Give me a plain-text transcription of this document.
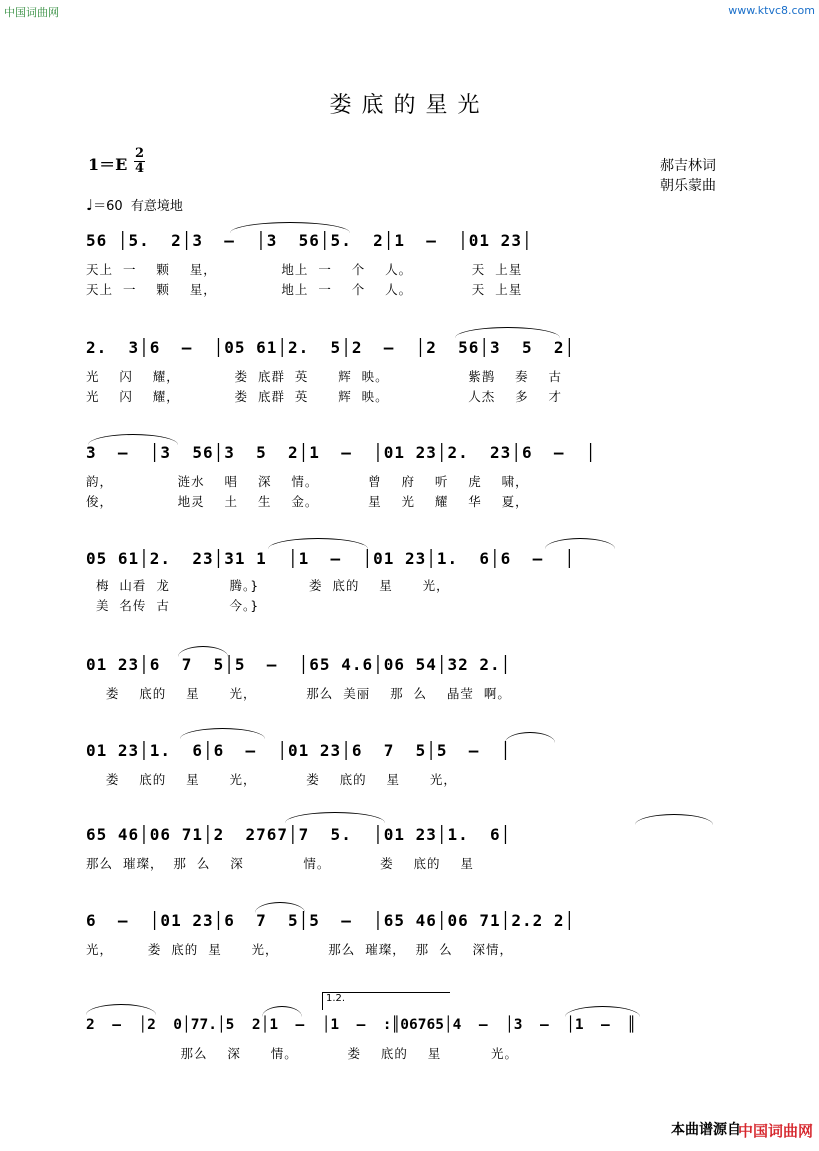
中国词曲网	www.ktvc8.com
娄底的星光
1＝E
2
4	郝吉林词
朝乐蒙曲
♩＝60 有意境地
56 │5.  2│3  –  │3  56│5.  2│1  –  │01 23│
天上  一    颗    星，             地上  一    个    人。            天  上星
天上  一    颗    星，             地上  一    个    人。            天  上星
2.  3│6  –  │05 61│2.  5│2  –  │2  56│3  5  2│
光    闪    耀，           娄  底群  英      辉  映。                紫鹊    奏    古
光    闪    耀，           娄  底群  英      辉  映。                人杰    多    才
3  –  │3  56│3  5  2│1  –  │01 23│2.  23│6  –  │
韵，             涟水    唱    深    情。          曾    府    听    虎    啸，
俊，             地灵    土    生    金。          星    光    耀    华    夏，
05 61│2.  23│31 1  │1  –  │01 23│1.  6│6  –  │
梅  山看  龙            腾。}          娄  底的    星      光，
美  名传  古            今。}
01 23│6  7  5│5  –  │65 4.6│06 54│32 2.│
娄    底的    星      光，          那么  美丽    那  么    晶莹  啊。
01 23│1.  6│6  –  │01 23│6  7  5│5  –  │
娄    底的    星      光，          娄    底的    星      光，
65 46│06 71│2  2767│7  5.  │01 23│1.  6│
那么  璀璨，  那  么    深            情。          娄    底的    星
6  –  │01 23│6  7  5│5  –  │65 46│06 71│2.2 2│
光，       娄  底的  星      光，          那么  璀璨，  那  么    深情，
2  –  │2  0│77.│5  2│1  –  │1  –  :║06765│4  –  │3  –  │1  –  ║
那么    深      情。          娄    底的    星          光。
1.2.
本曲谱源自
中国词曲网
